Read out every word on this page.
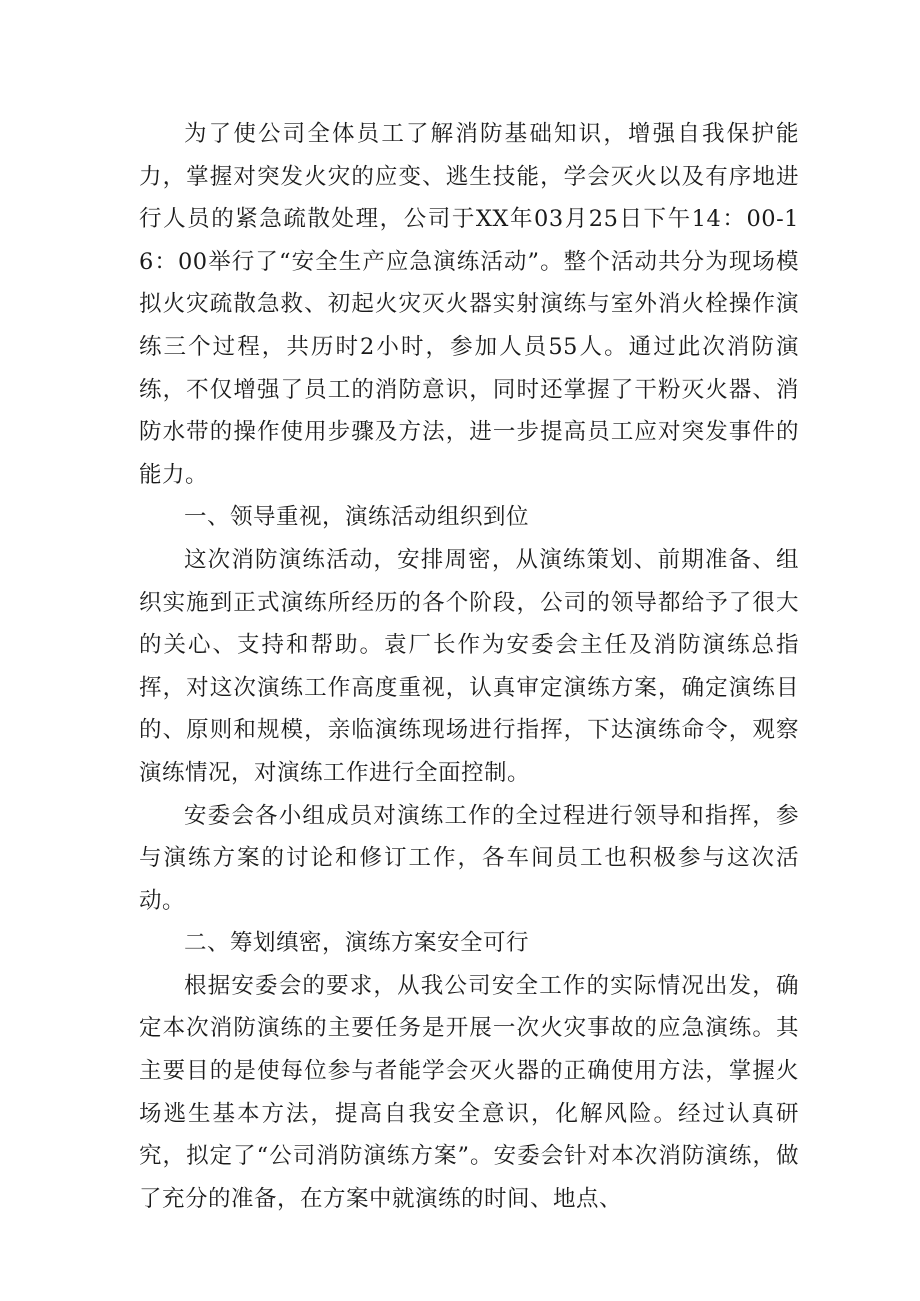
为了使公司全体员工了解消防基础知识，增强自我保护能力，掌握对突发火灾的应变、逃生技能，学会灭火以及有序地进行人员的紧急疏散处理，公司于XX年03月25日下午14：00-16：00举行了“安全生产应急演练活动”。整个活动共分为现场模拟火灾疏散急救、初起火灾灭火器实射演练与室外消火栓操作演练三个过程，共历时2小时，参加人员55人。通过此次消防演练，不仅增强了员工的消防意识，同时还掌握了干粉灭火器、消防水带的操作使用步骤及方法，进一步提高员工应对突发事件的能力。

一、领导重视，演练活动组织到位

这次消防演练活动，安排周密，从演练策划、前期准备、组织实施到正式演练所经历的各个阶段，公司的领导都给予了很大的关心、支持和帮助。袁厂长作为安委会主任及消防演练总指挥，对这次演练工作高度重视，认真审定演练方案，确定演练目的、原则和规模，亲临演练现场进行指挥，下达演练命令，观察演练情况，对演练工作进行全面控制。

安委会各小组成员对演练工作的全过程进行领导和指挥，参与演练方案的讨论和修订工作，各车间员工也积极参与这次活动。

二、筹划缜密，演练方案安全可行

根据安委会的要求，从我公司安全工作的实际情况出发，确定本次消防演练的主要任务是开展一次火灾事故的应急演练。其主要目的是使每位参与者能学会灭火器的正确使用方法，掌握火场逃生基本方法，提高自我安全意识，化解风险。经过认真研究，拟定了“公司消防演练方案”。安委会针对本次消防演练，做了充分的准备，在方案中就演练的时间、地点、
